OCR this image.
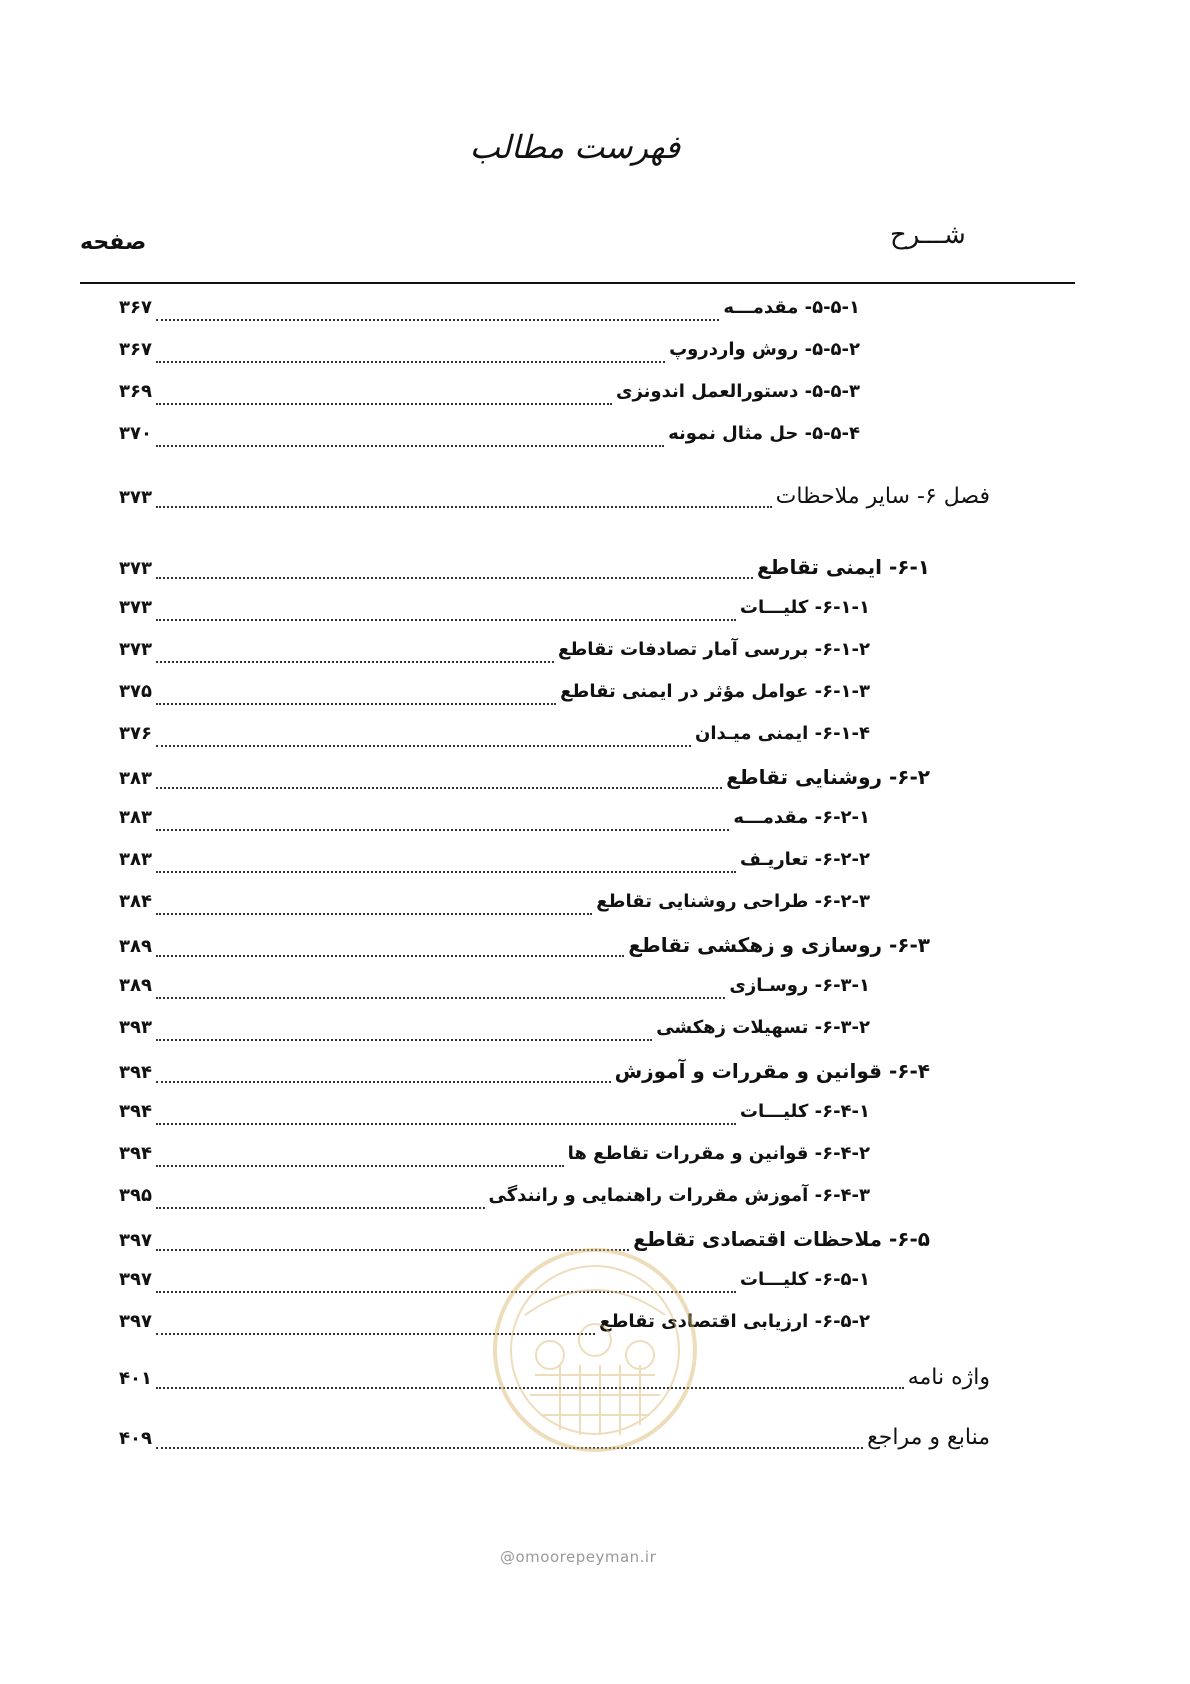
فهرست مطالب
شـــرح
صفحه
۳۶۷	۵-۵-۱- مقدمـــه
۳۶۷	۵-۵-۲- روش واردروپ
۳۶۹	۵-۵-۳- دستورالعمل اندونزی
۳۷۰	۵-۵-۴- حل مثال نمونه
۳۷۳	فصل ۶- سایر ملاحظات
۳۷۳	۶-۱- ایمنی تقاطع
۳۷۳	۶-۱-۱- کلیـــات
۳۷۳	۶-۱-۲- بررسی آمار تصادفات تقاطع
۳۷۵	۶-۱-۳- عوامل مؤثر در ایمنی تقاطع
۳۷۶	۶-۱-۴- ایمنی میـدان
۳۸۳	۶-۲- روشنایی تقاطع
۳۸۳	۶-۲-۱- مقدمـــه
۳۸۳	۶-۲-۲- تعاریـف
۳۸۴	۶-۲-۳- طراحی روشنایی تقاطع
۳۸۹	۶-۳- روسازی و زهکشی تقاطع
۳۸۹	۶-۳-۱- روسـازی
۳۹۳	۶-۳-۲- تسهیلات زهکشی
۳۹۴	۶-۴- قوانین و مقررات و آموزش
۳۹۴	۶-۴-۱- کلیـــات
۳۹۴	۶-۴-۲- قوانین و مقررات تقاطع ها
۳۹۵	۶-۴-۳- آموزش مقررات راهنمایی و رانندگی
۳۹۷	۶-۵- ملاحظات اقتصادی تقاطع
۳۹۷	۶-۵-۱- کلیـــات
۳۹۷	۶-۵-۲- ارزیابی اقتصادی تقاطع
۴۰۱	واژه نامه
۴۰۹	منابع و مراجع
@omoorepeyman.ir
